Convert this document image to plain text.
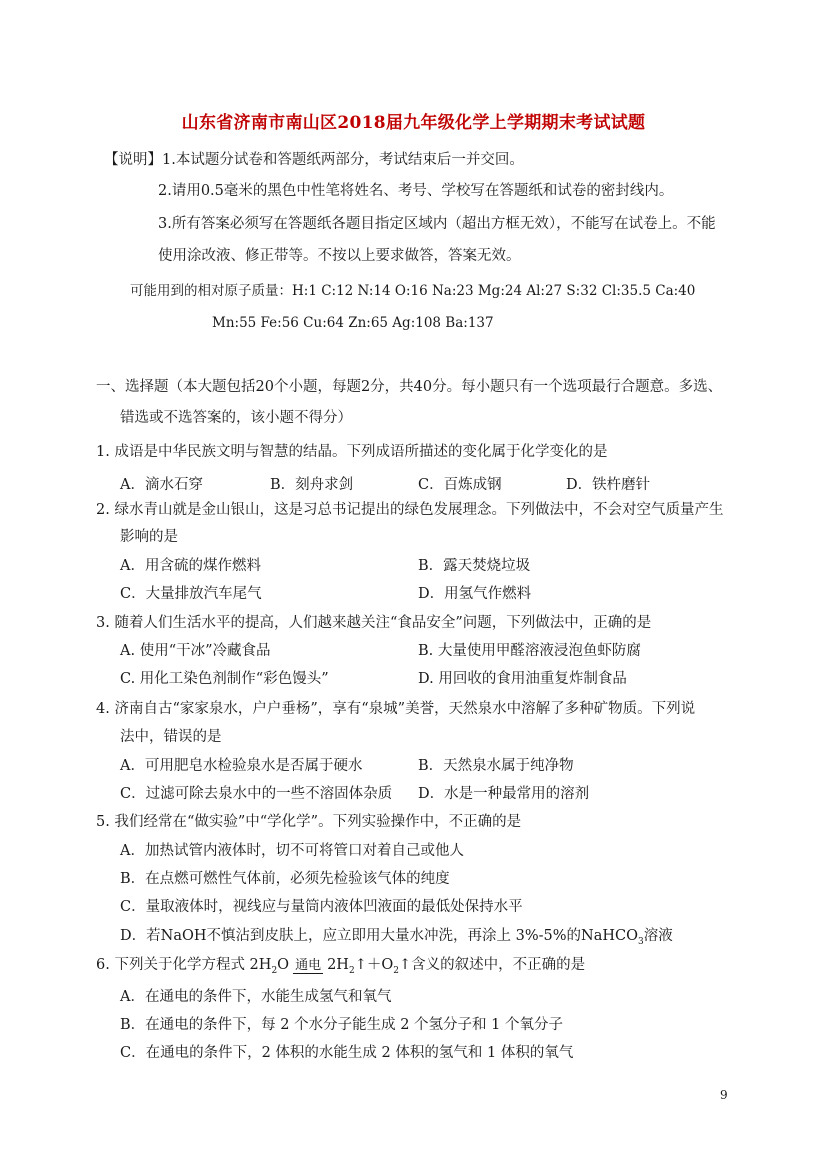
山东省济南市南山区2018届九年级化学上学期期末考试试题
【说明】1.本试题分试卷和答题纸两部分，考试结束后一并交回。
2.请用0.5毫米的黑色中性笔将姓名、考号、学校写在答题纸和试卷的密封线内。
3.所有答案必须写在答题纸各题目指定区域内（超出方框无效），不能写在试卷上。不能
使用涂改液、修正带等。不按以上要求做答，答案无效。
可能用到的相对原子质量：H:1 C:12 N:14 O:16 Na:23 Mg:24 Al:27 S:32 Cl:35.5 Ca:40
Mn:55 Fe:56 Cu:64 Zn:65 Ag:108 Ba:137
一、选择题（本大题包括20个小题，每题2分，共40分。每小题只有一个选项最行合题意。多选、
错选或不选答案的，该小题不得分）
1. 成语是中华民族文明与智慧的结晶。下列成语所描述的变化属于化学变化的是
A．滴水石穿	B．刻舟求剑	C．百炼成钢	D．铁杵磨针
2. 绿水青山就是金山银山，这是习总书记提出的绿色发展理念。下列做法中，不会对空气质量产生
影响的是
A．用含硫的煤作燃料	B．露天焚烧垃圾
C．大量排放汽车尾气	D．用氢气作燃料
3. 随着人们生活水平的提高，人们越来越关注“食品安全”问题，下列做法中，正确的是
A. 使用“干冰”冷藏食品	B. 大量使用甲醛溶液浸泡鱼虾防腐
C. 用化工染色剂制作“彩色馒头”	D. 用回收的食用油重复炸制食品
4. 济南自古“家家泉水，户户垂杨”，享有“泉城”美誉，天然泉水中溶解了多种矿物质。下列说
法中，错误的是
A．可用肥皂水检验泉水是否属于硬水	B．天然泉水属于纯净物
C．过滤可除去泉水中的一些不溶固体杂质 D．水是一种最常用的溶剂
5. 我们经常在“做实验”中“学化学”。下列实验操作中，不正确的是
A．加热试管内液体时，切不可将管口对着自己或他人
B．在点燃可燃性气体前，必须先检验该气体的纯度
C．量取液体时，视线应与量筒内液体凹液面的最低处保持水平
D．若NaOH不慎沾到皮肤上，应立即用大量水冲洗，再涂上 3%-5%的NaHCO$_3$溶液
6. 下列关于化学方程式 $2H_2O$ 通电 $2H_2↑+O_2↑$含义的叙述中，不正确的是
A．在通电的条件下，水能生成氢气和氧气
B．在通电的条件下，每 2 个水分子能生成 2 个氢分子和 1 个氧分子
C．在通电的条件下，2 体积的水能生成 2 体积的氢气和 1 体积的氧气
9
